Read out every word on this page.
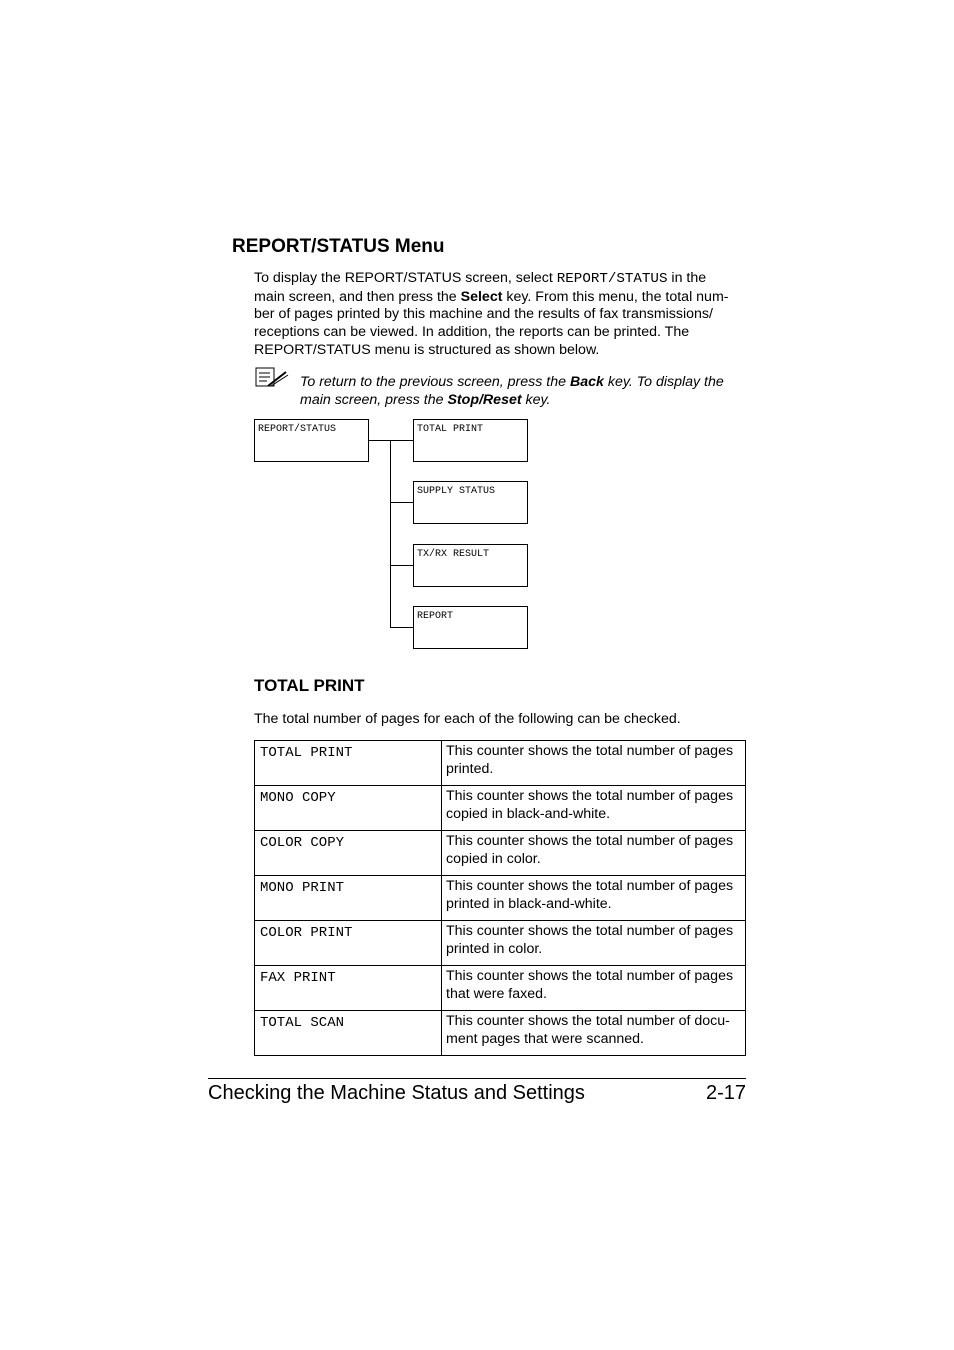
REPORT/STATUS Menu
To display the REPORT/STATUS screen, select REPORT/STATUS in the
main screen, and then press the Select key. From this menu, the total num-
ber of pages printed by this machine and the results of fax transmissions/
receptions can be viewed. In addition, the reports can be printed. The
REPORT/STATUS menu is structured as shown below.
To return to the previous screen, press the Back key. To display the
main screen, press the Stop/Reset key.
REPORT/STATUS	TOTAL PRINT
SUPPLY STATUS
TX/RX RESULT
REPORT
TOTAL PRINT
The total number of pages for each of the following can be checked.
TOTAL PRINT	This counter shows the total number of pages
printed.

MONO COPY	This counter shows the total number of pages
copied in black-and-white.

COLOR COPY	This counter shows the total number of pages
copied in color.

MONO PRINT	This counter shows the total number of pages
printed in black-and-white.

COLOR PRINT	This counter shows the total number of pages
printed in color.

FAX PRINT	This counter shows the total number of pages
that were faxed.

TOTAL SCAN	This counter shows the total number of docu-
ment pages that were scanned.
Checking the Machine Status and Settings	2-17
